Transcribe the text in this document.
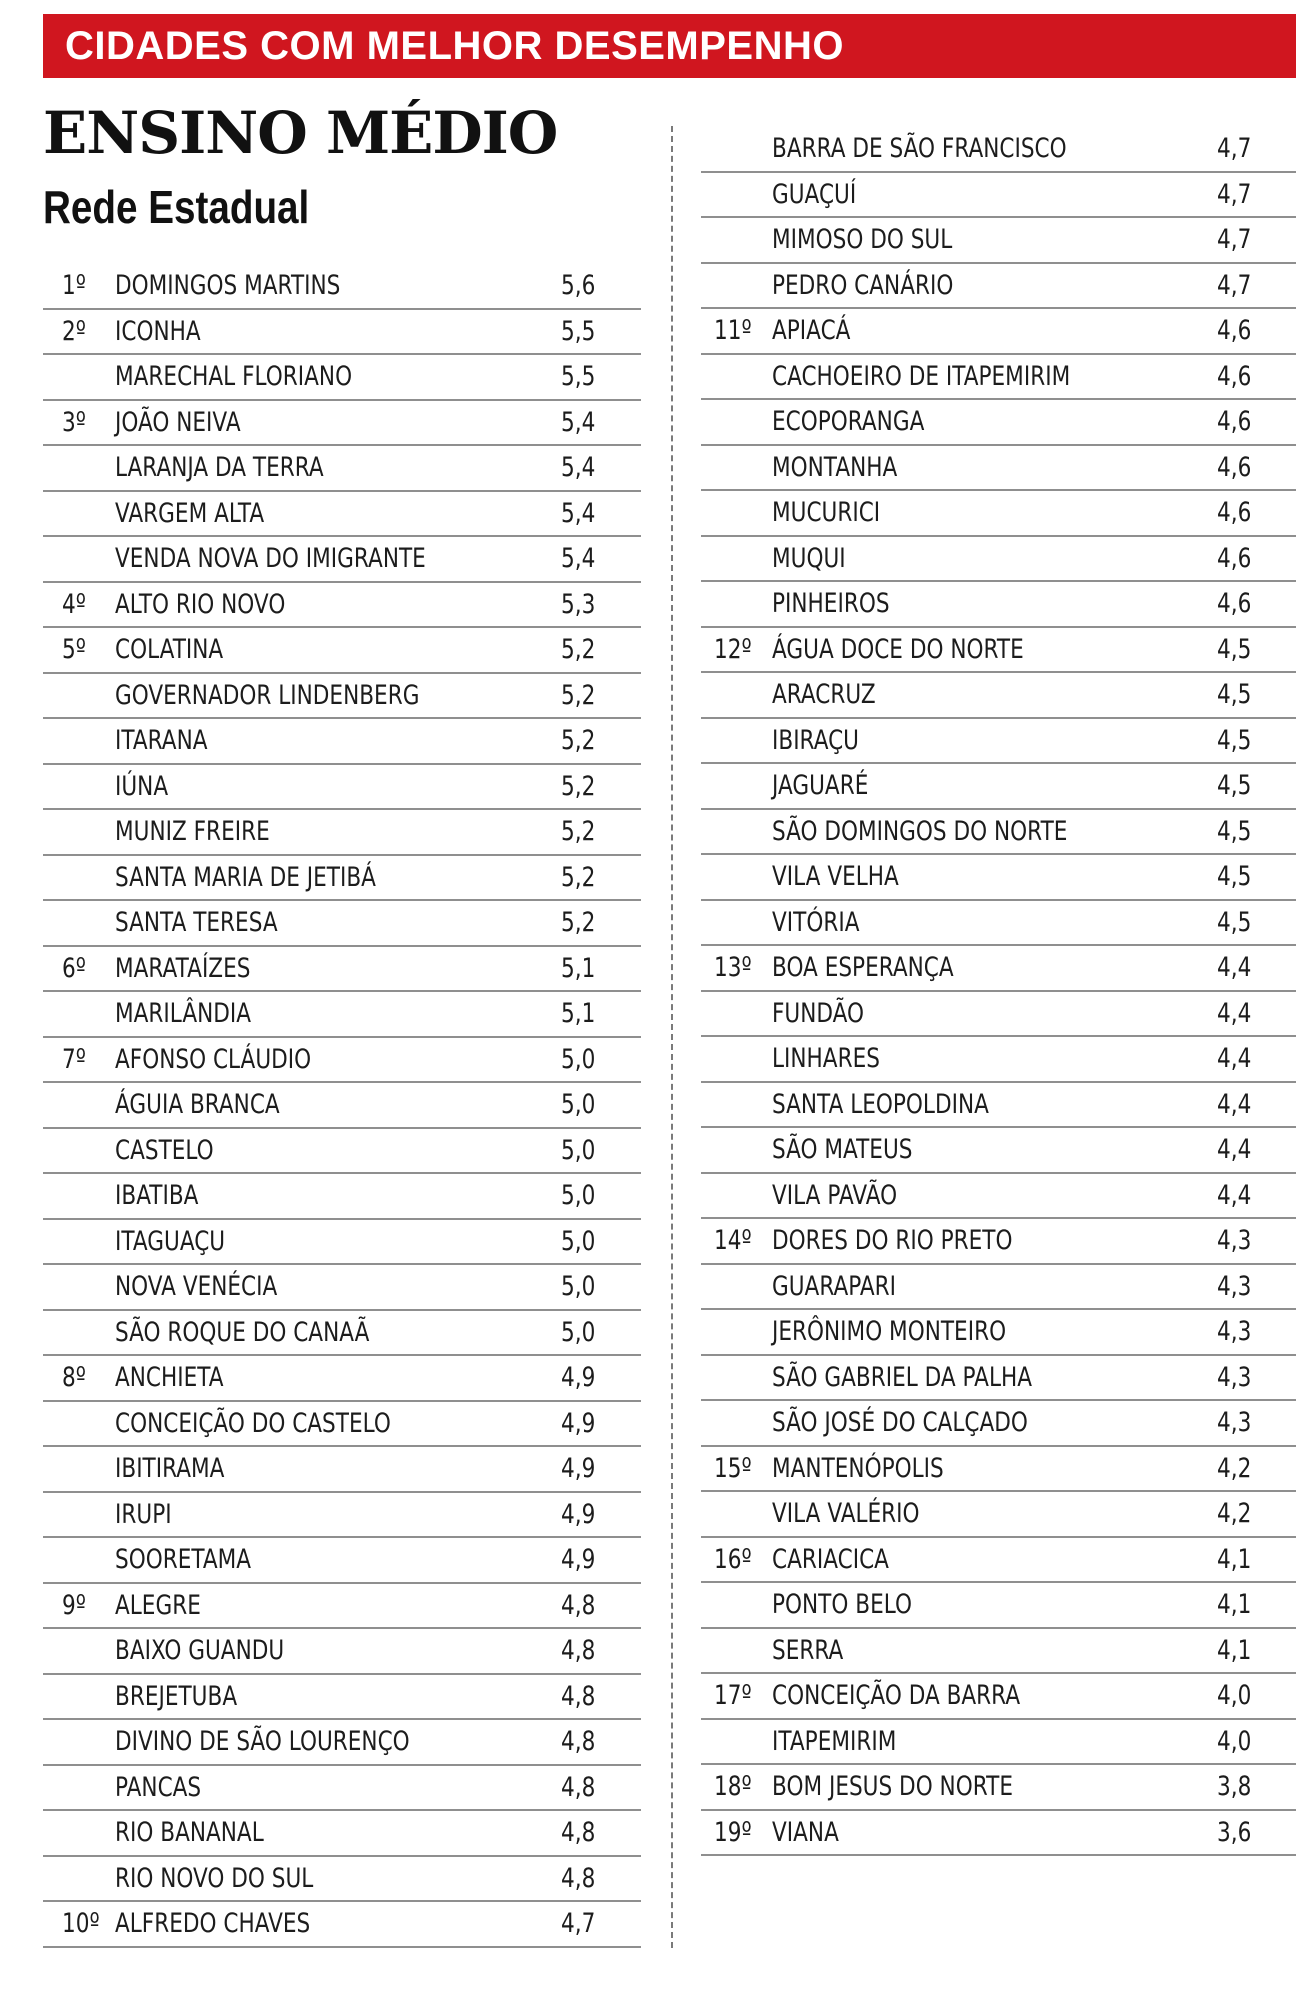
CIDADES COM MELHOR DESEMPENHO
ENSINO MÉDIO
Rede Estadual
1º DOMINGOS MARTINS	5,6
2º ICONHA	5,5
MARECHAL FLORIANO	5,5
3º JOÃO NEIVA	5,4
LARANJA DA TERRA	5,4
VARGEM ALTA	5,4
VENDA NOVA DO IMIGRANTE	5,4
4º ALTO RIO NOVO	5,3
5º COLATINA	5,2
GOVERNADOR LINDENBERG	5,2
ITARANA	5,2
IÚNA	5,2
MUNIZ FREIRE	5,2
SANTA MARIA DE JETIBÁ	5,2
SANTA TERESA	5,2
6º MARATAÍZES	5,1
MARILÂNDIA	5,1
7º AFONSO CLÁUDIO	5,0
ÁGUIA BRANCA	5,0
CASTELO	5,0
IBATIBA	5,0
ITAGUAÇU	5,0
NOVA VENÉCIA	5,0
SÃO ROQUE DO CANAÃ	5,0
8º ANCHIETA	4,9
CONCEIÇÃO DO CASTELO	4,9
IBITIRAMA	4,9
IRUPI	4,9
SOORETAMA	4,9
9º ALEGRE	4,8
BAIXO GUANDU	4,8
BREJETUBA	4,8
DIVINO DE SÃO LOURENÇO	4,8
PANCAS	4,8
RIO BANANAL	4,8
RIO NOVO DO SUL	4,8
10º ALFREDO CHAVES	4,7
BARRA DE SÃO FRANCISCO	4,7
GUAÇUÍ	4,7
MIMOSO DO SUL	4,7
PEDRO CANÁRIO	4,7
11º APIACÁ	4,6
CACHOEIRO DE ITAPEMIRIM	4,6
ECOPORANGA	4,6
MONTANHA	4,6
MUCURICI	4,6
MUQUI	4,6
PINHEIROS	4,6
12º ÁGUA DOCE DO NORTE	4,5
ARACRUZ	4,5
IBIRAÇU	4,5
JAGUARÉ	4,5
SÃO DOMINGOS DO NORTE	4,5
VILA VELHA	4,5
VITÓRIA	4,5
13º BOA ESPERANÇA	4,4
FUNDÃO	4,4
LINHARES	4,4
SANTA LEOPOLDINA	4,4
SÃO MATEUS	4,4
VILA PAVÃO	4,4
14º DORES DO RIO PRETO	4,3
GUARAPARI	4,3
JERÔNIMO MONTEIRO	4,3
SÃO GABRIEL DA PALHA	4,3
SÃO JOSÉ DO CALÇADO	4,3
15º MANTENÓPOLIS	4,2
VILA VALÉRIO	4,2
16º CARIACICA	4,1
PONTO BELO	4,1
SERRA	4,1
17º CONCEIÇÃO DA BARRA	4,0
ITAPEMIRIM	4,0
18º BOM JESUS DO NORTE	3,8
19º VIANA	3,6
